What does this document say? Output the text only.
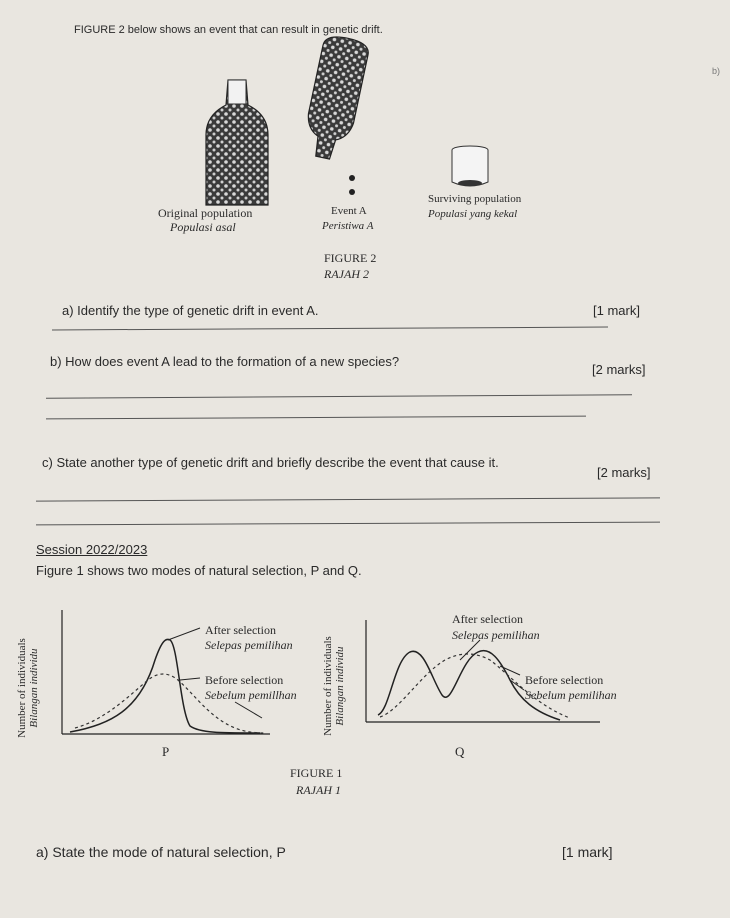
FIGURE 2 below shows an event that can result in genetic drift.
b)
Original population
Populasi asal
Event A
Peristiwa A
Surviving population
Populasi yang kekal
FIGURE 2
RAJAH 2
a) Identify the type of genetic drift in event A.	[1 mark]
b) How does event A lead to the formation of a new species?
[2 marks]
c) State another type of genetic drift and briefly describe the event that cause it.
[2 marks]
Session 2022/2023
Figure 1 shows two modes of natural selection, P and Q.
Number of individuals Bilangan individu
After selection
Selepas pemilihan
Before selection
Sebelum pemillhan
P
Number of individuals Bilangan individu
After selection
Selepas pemilihan
Before selection
Sebelum pemilihan
Q
FIGURE 1
RAJAH 1
a) State the mode of natural selection, P	[1 mark]
